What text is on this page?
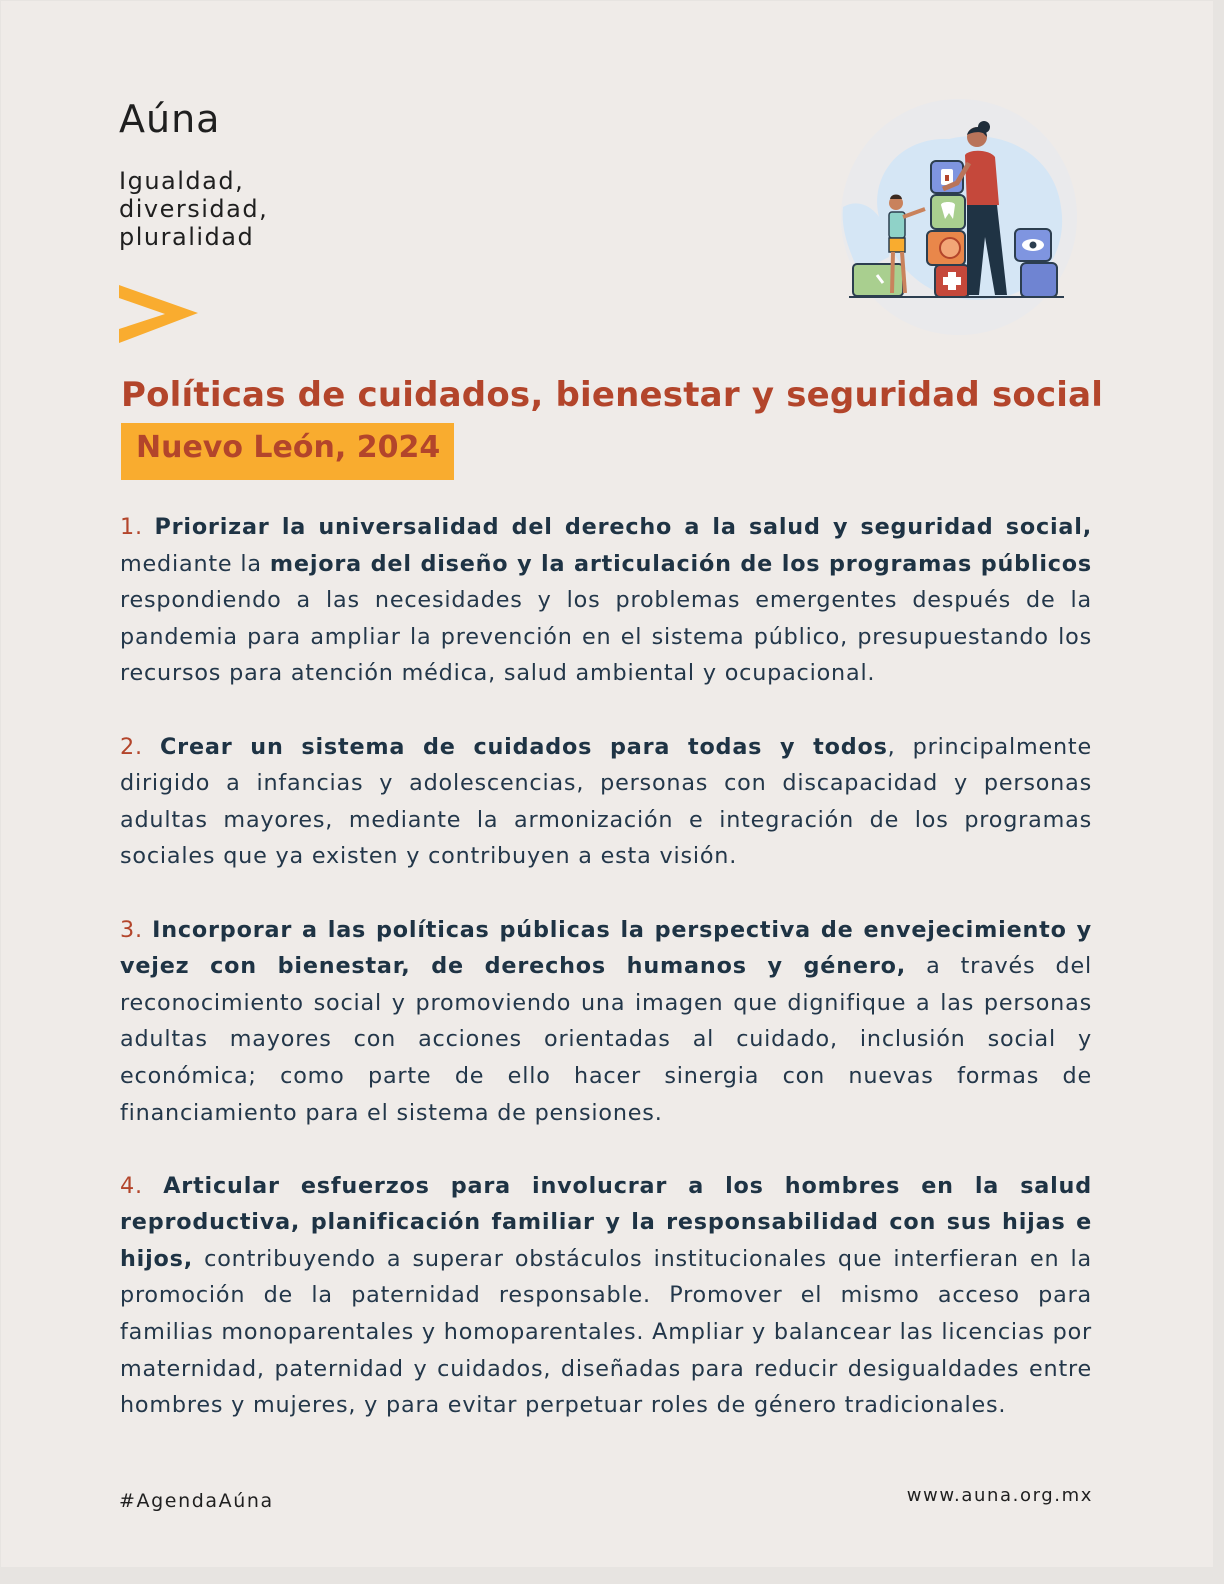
Aúna
Igualdad,
diversidad,
pluralidad
Políticas de cuidados, bienestar y seguridad social
Nuevo León, 2024

1. Priorizar la universalidad del derecho a la salud y seguridad social, mediante la mejora del diseño y la articulación de los programas públicos respondiendo a las necesidades y los problemas emergentes después de la pandemia para ampliar la prevención en el sistema público, presupuestando los recursos para atención médica, salud ambiental y ocupacional.

2. Crear un sistema de cuidados para todas y todos, principalmente dirigido a infancias y adolescencias, personas con discapacidad y personas adultas mayores, mediante la armonización e integración de los programas sociales que ya existen y contribuyen a esta visión.

3. Incorporar a las políticas públicas la perspectiva de envejecimiento y vejez con bienestar, de derechos humanos y género, a través del reconocimiento social y promoviendo una imagen que dignifique a las personas adultas mayores con acciones orientadas al cuidado, inclusión social y económica; como parte de ello hacer sinergia con nuevas formas de financiamiento para el sistema de pensiones.

4. Articular esfuerzos para involucrar a los hombres en la salud reproductiva, planificación familiar y la responsabilidad con sus hijas e hijos, contribuyendo a superar obstáculos institucionales que interfieran en la promoción de la paternidad responsable. Promover el mismo acceso para familias monoparentales y homoparentales. Ampliar y balancear las licencias por maternidad, paternidad y cuidados, diseñadas para reducir desigualdades entre hombres y mujeres, y para evitar perpetuar roles de género tradicionales.

#AgendaAúna	www.auna.org.mx
